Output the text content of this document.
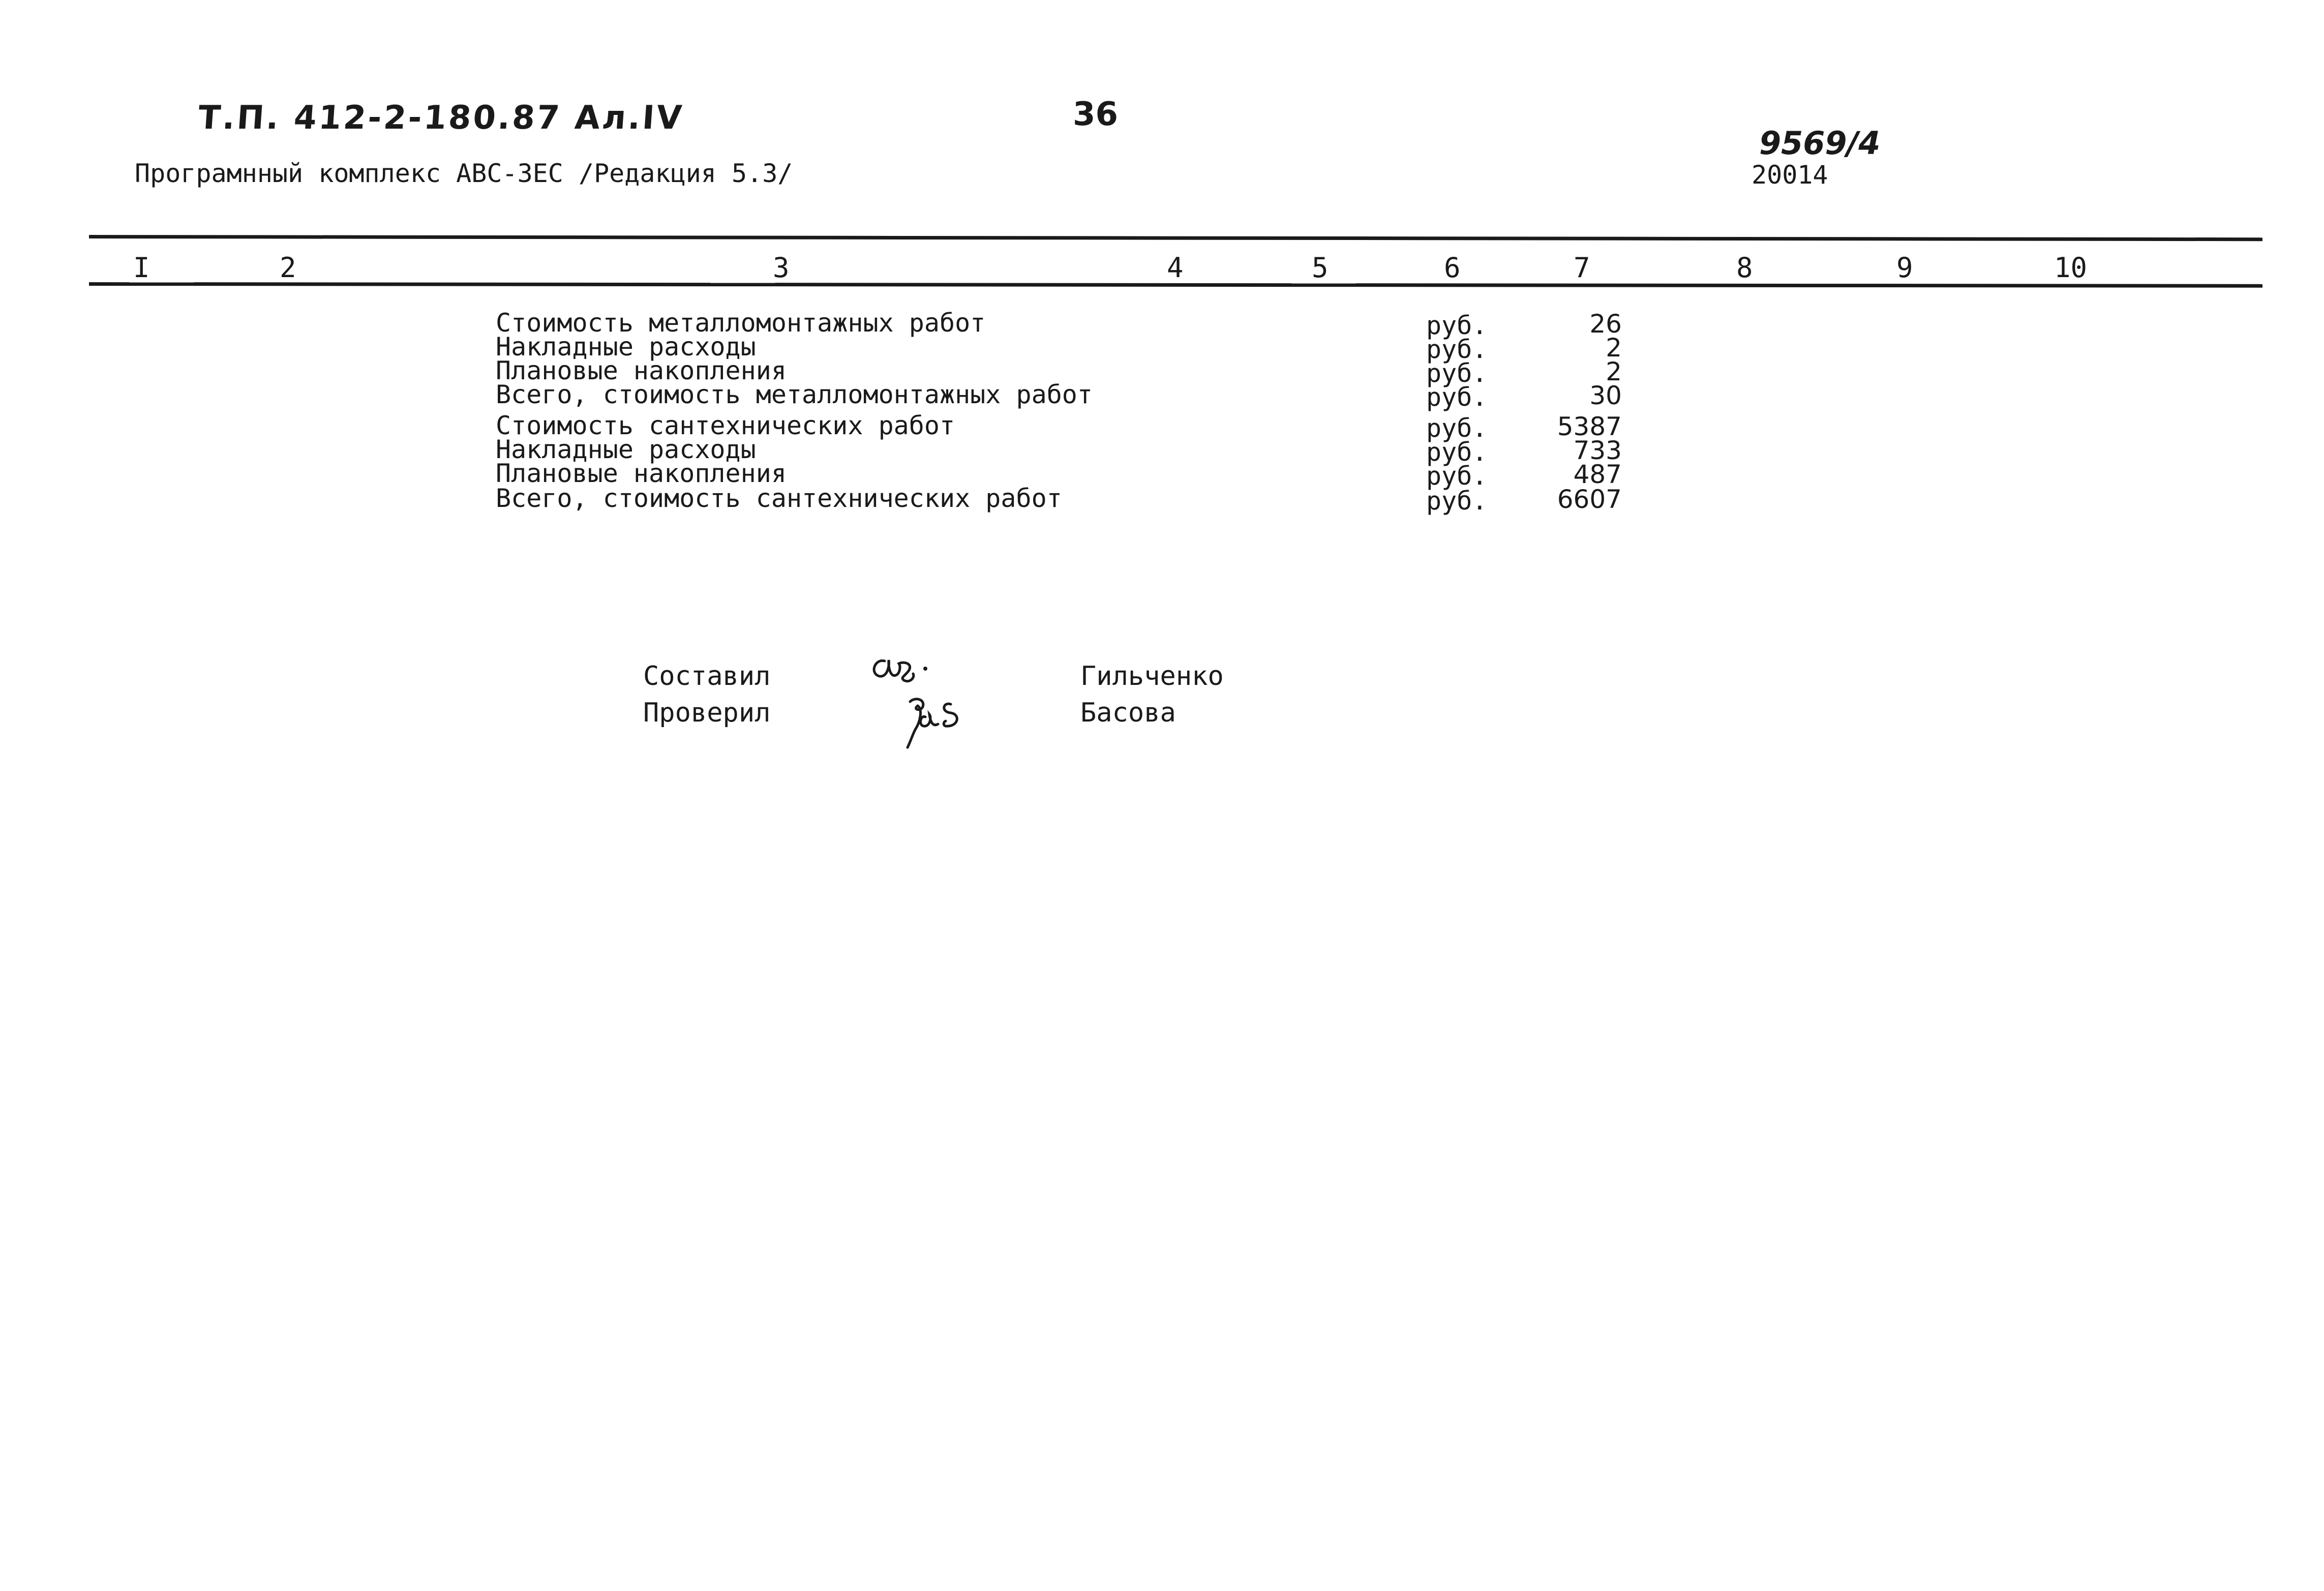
Т.П. 412-2-180.87 Ал.IV	36
Програмнный комплекс АВС-3ЕС /Редакция 5.3/
9569/4
20014
I	2	3	4	5	6	7	8	9	10
Стоимость металломонтажных работ	руб.	26
Накладные расходы	руб.	2
Плановые накопления	руб.	2
Всего, стоимость металломонтажных работ	руб.	30
Стоимость сантехнических работ	руб.	5387
Накладные расходы	руб.	733
Плановые накопления	руб.	487
Всего, стоимость сантехнических работ	руб.	6607
Составил	Гильченко
Проверил	Басова
